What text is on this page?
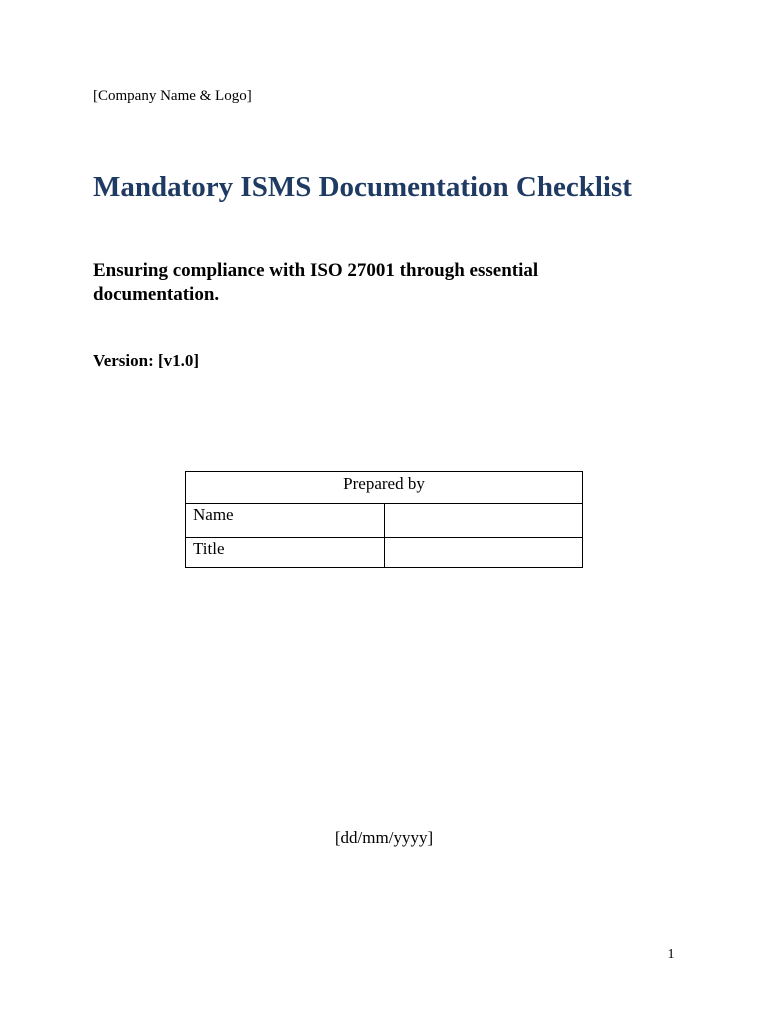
[Company Name & Logo]
Mandatory ISMS Documentation Checklist

Ensuring compliance with ISO 27001 through essential documentation.

Version: [v1.0]
Prepared by	
Name	
Title	
[dd/mm/yyyy]
1
